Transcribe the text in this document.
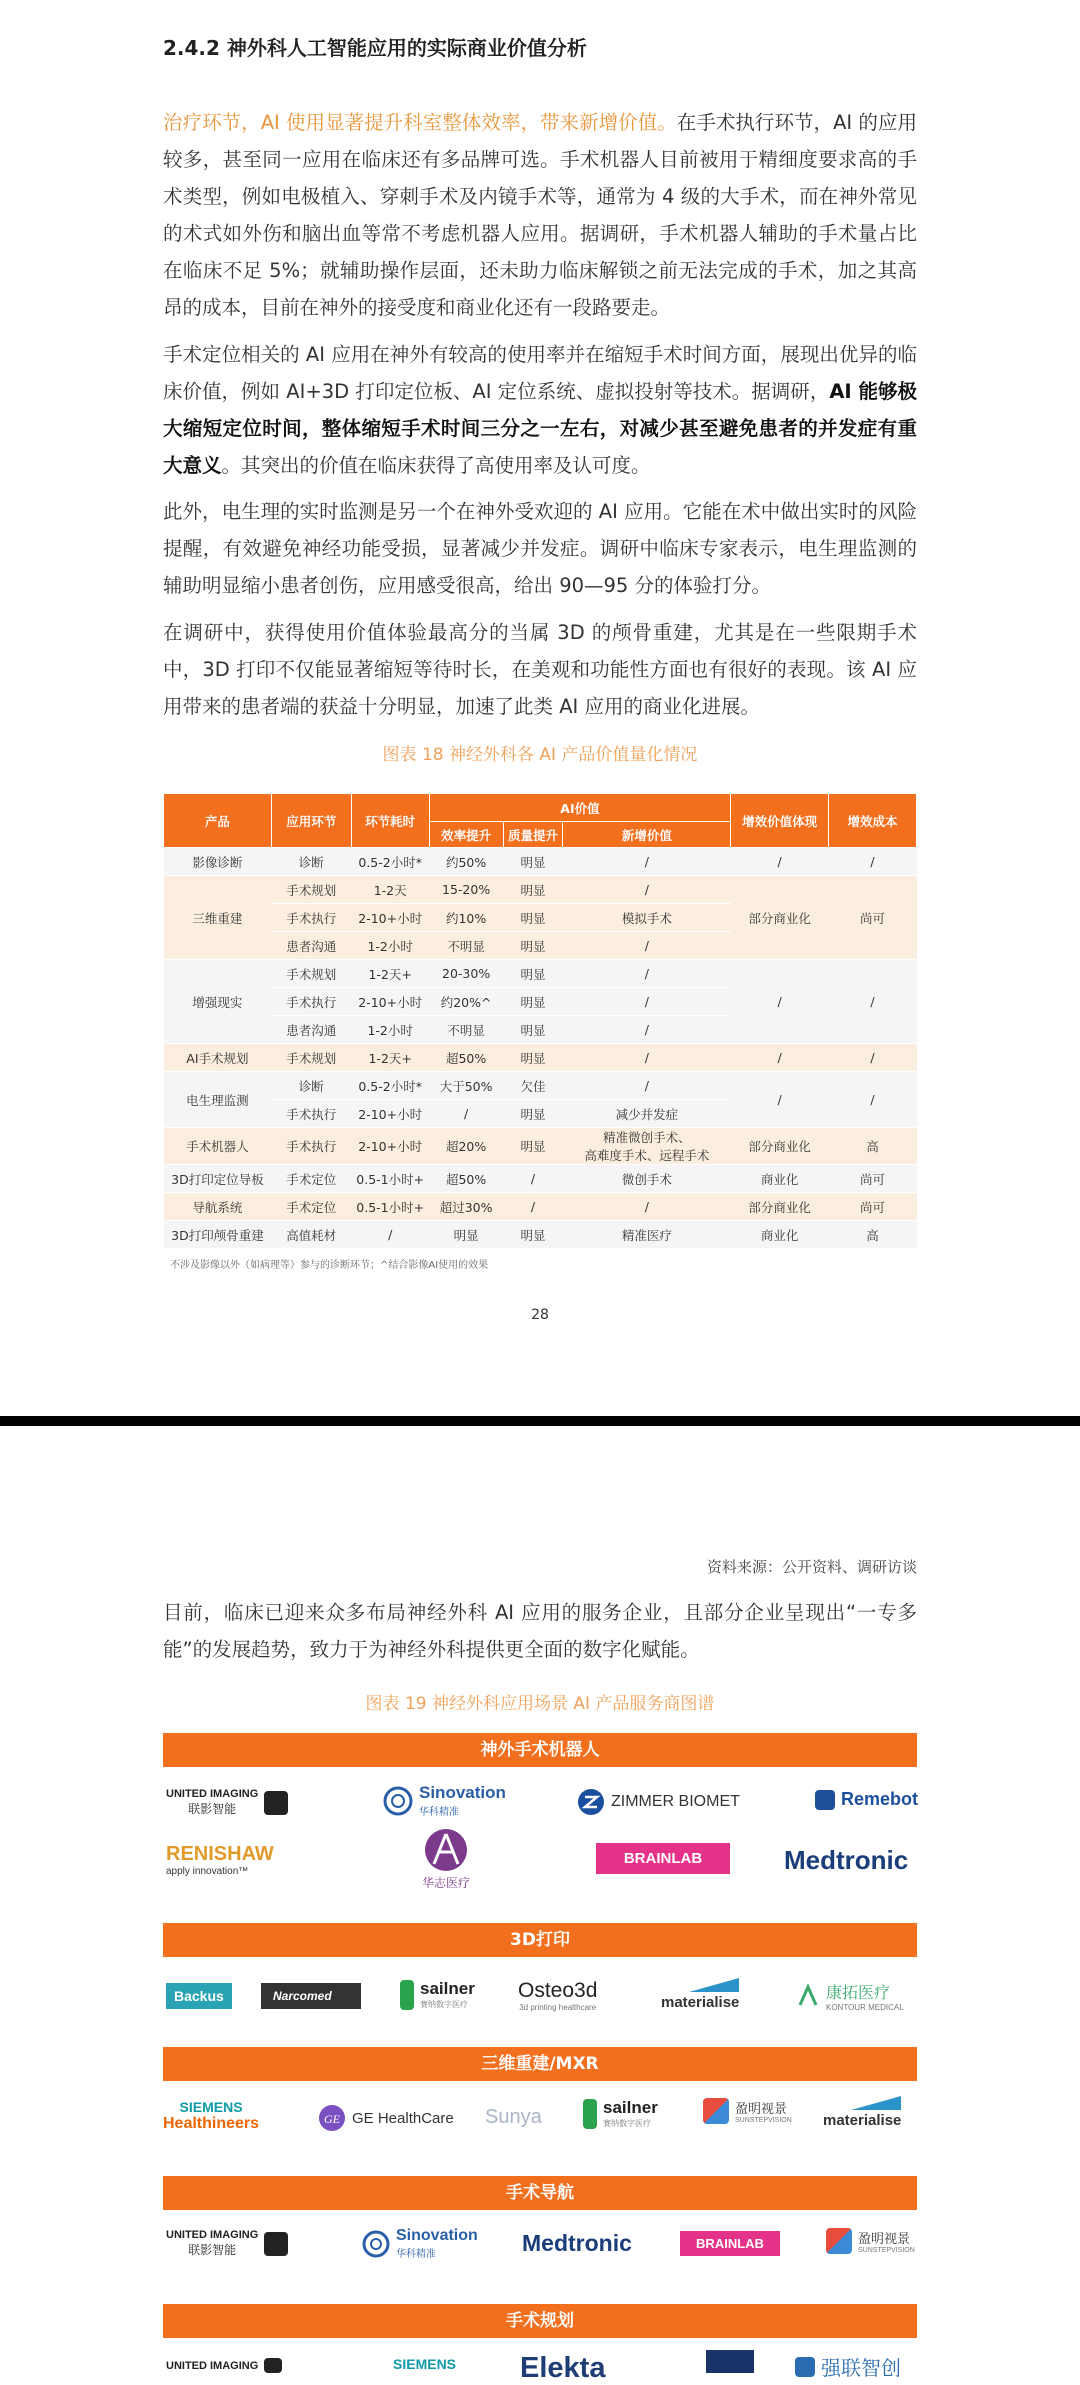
2.4.2 神外科人工智能应用的实际商业价值分析

治疗环节，AI 使用显著提升科室整体效率，带来新增价值。在手术执行环节，AI 的应用较多，甚至同一应用在临床还有多品牌可选。手术机器人目前被用于精细度要求高的手术类型，例如电极植入、穿刺手术及内镜手术等，通常为 4 级的大手术，而在神外常见的术式如外伤和脑出血等常不考虑机器人应用。据调研，手术机器人辅助的手术量占比在临床不足 5%；就辅助操作层面，还未助力临床解锁之前无法完成的手术，加之其高昂的成本，目前在神外的接受度和商业化还有一段路要走。

手术定位相关的 AI 应用在神外有较高的使用率并在缩短手术时间方面，展现出优异的临床价值，例如 AI+3D 打印定位板、AI 定位系统、虚拟投射等技术。据调研，AI 能够极大缩短定位时间，整体缩短手术时间三分之一左右，对减少甚至避免患者的并发症有重大意义。其突出的价值在临床获得了高使用率及认可度。

此外，电生理的实时监测是另一个在神外受欢迎的 AI 应用。它能在术中做出实时的风险提醒，有效避免神经功能受损，显著减少并发症。调研中临床专家表示，电生理监测的辅助明显缩小患者创伤，应用感受很高，给出 90—95 分的体验打分。

在调研中，获得使用价值体验最高分的当属 3D 的颅骨重建，尤其是在一些限期手术中，3D 打印不仅能显著缩短等待时长，在美观和功能性方面也有很好的表现。该 AI 应用带来的患者端的获益十分明显，加速了此类 AI 应用的商业化进展。

图表 18 神经外科各 AI 产品价值量化情况
产品	应用环节	环节耗时	AI价值			增效价值体现	增效成本
			效率提升	质量提升	新增价值		
影像诊断	诊断	0.5-2小时*	约50%	明显	/	/	/
三维重建	手术规划	1-2天	15-20%	明显	/	部分商业化	尚可
	手术执行	2-10+小时	约10%	明显	模拟手术		
	患者沟通	1-2小时	不明显	明显	/		
增强现实	手术规划	1-2天+	20-30%	明显	/	/	/
	手术执行	2-10+小时	约20%^	明显	/		
	患者沟通	1-2小时	不明显	明显	/		
AI手术规划	手术规划	1-2天+	超50%	明显	/	/	/
电生理监测	诊断	0.5-2小时*	大于50%	欠佳	/	/	/
	手术执行	2-10+小时	/	明显	减少并发症		
手术机器人	手术执行	2-10+小时	超20%	明显	精准微创手术、
高难度手术、远程手术	部分商业化	高
3D打印定位导板	手术定位	0.5-1小时+	超50%	/	微创手术	商业化	尚可
导航系统	手术定位	0.5-1小时+	超过30%	/	/	部分商业化	尚可
3D打印颅骨重建	高值耗材	/	明显	明显	精准医疗	商业化	高
不涉及影像以外（如病理等）参与的诊断环节；^结合影像AI使用的效果
28
资料来源：公开资料、调研访谈

目前，临床已迎来众多布局神经外科 AI 应用的服务企业，且部分企业呈现出“一专多能”的发展趋势，致力于为神经外科提供更全面的数字化赋能。

图表 19 神经外科应用场景 AI 产品服务商图谱
神外手术机器人
UNITED IMAGING
联影智能
Sinovation
华科精准
ZIMMER BIOMET	Remebot
RENISHAW
apply innovation™
华志医疗
BRAINLAB	Medtronic
3D打印
Backus	Narcomed	sailner
赛纳数字医疗
Osteo3d
3d printing healthcare	materialise
康拓医疗
KONTOUR MEDICAL
三维重建/MXR
SIEMENS
Healthineers	GE GE HealthCare Sunya	sailner
赛纳数字医疗
盈明视景
SUNSTEPVISION materialise
手术导航
UNITED IMAGING
联影智能
Sinovation
华科精准	Medtronic	BRAINLAB	盈明视景
SUNSTEPVISION
手术规划
UNITED IMAGING	SIEMENS Elekta	强联智创
